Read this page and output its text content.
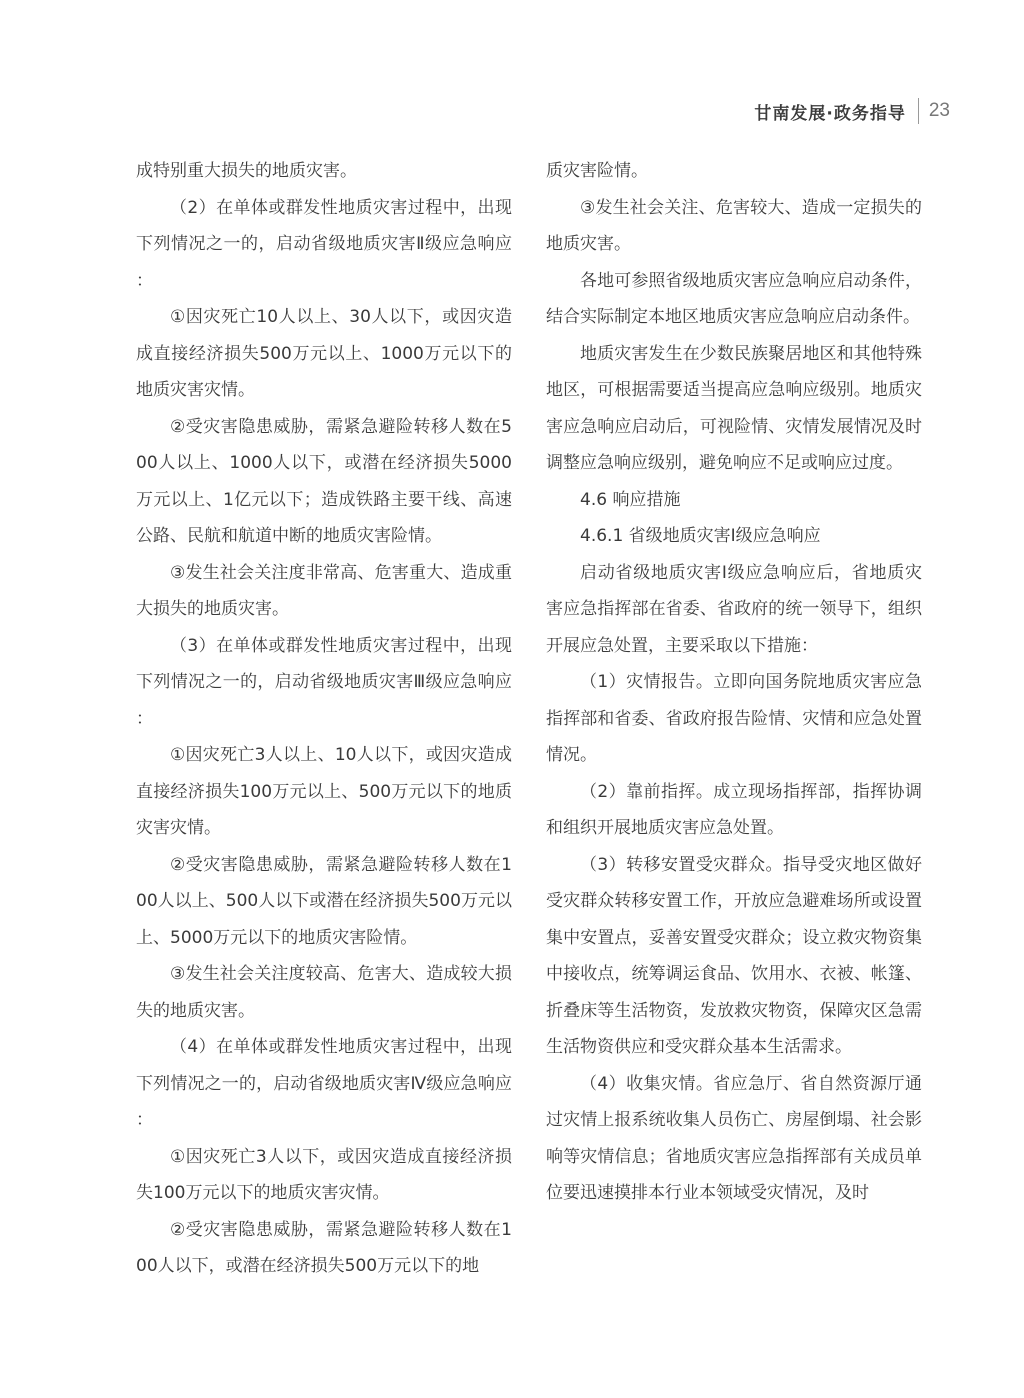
甘南发展·政务指导 23

成特别重大损失的地质灾害。

（2）在单体或群发性地质灾害过程中，出现下列情况之一的，启动省级地质灾害Ⅱ级应急响应：

①因灾死亡10人以上、30人以下，或因灾造成直接经济损失500万元以上、1000万元以下的地质灾害灾情。

②受灾害隐患威胁，需紧急避险转移人数在500人以上、1000人以下，或潜在经济损失5000万元以上、1亿元以下；造成铁路主要干线、高速公路、民航和航道中断的地质灾害险情。

③发生社会关注度非常高、危害重大、造成重大损失的地质灾害。

（3）在单体或群发性地质灾害过程中，出现下列情况之一的，启动省级地质灾害Ⅲ级应急响应：

①因灾死亡3人以上、10人以下，或因灾造成直接经济损失100万元以上、500万元以下的地质灾害灾情。

②受灾害隐患威胁，需紧急避险转移人数在100人以上、500人以下或潜在经济损失500万元以上、5000万元以下的地质灾害险情。

③发生社会关注度较高、危害大、造成较大损失的地质灾害。

（4）在单体或群发性地质灾害过程中，出现下列情况之一的，启动省级地质灾害Ⅳ级应急响应：

①因灾死亡3人以下，或因灾造成直接经济损失100万元以下的地质灾害灾情。

②受灾害隐患威胁，需紧急避险转移人数在100人以下，或潜在经济损失500万元以下的地

质灾害险情。

③发生社会关注、危害较大、造成一定损失的地质灾害。

各地可参照省级地质灾害应急响应启动条件，结合实际制定本地区地质灾害应急响应启动条件。

地质灾害发生在少数民族聚居地区和其他特殊地区，可根据需要适当提高应急响应级别。地质灾害应急响应启动后，可视险情、灾情发展情况及时调整应急响应级别，避免响应不足或响应过度。

4.6 响应措施

4.6.1 省级地质灾害Ⅰ级应急响应

启动省级地质灾害Ⅰ级应急响应后，省地质灾害应急指挥部在省委、省政府的统一领导下，组织开展应急处置，主要采取以下措施：

（1）灾情报告。立即向国务院地质灾害应急指挥部和省委、省政府报告险情、灾情和应急处置情况。

（2）靠前指挥。成立现场指挥部，指挥协调和组织开展地质灾害应急处置。

（3）转移安置受灾群众。指导受灾地区做好受灾群众转移安置工作，开放应急避难场所或设置集中安置点，妥善安置受灾群众；设立救灾物资集中接收点，统筹调运食品、饮用水、衣被、帐篷、折叠床等生活物资，发放救灾物资，保障灾区急需生活物资供应和受灾群众基本生活需求。

（4）收集灾情。省应急厅、省自然资源厅通过灾情上报系统收集人员伤亡、房屋倒塌、社会影响等灾情信息；省地质灾害应急指挥部有关成员单位要迅速摸排本行业本领域受灾情况，及时
